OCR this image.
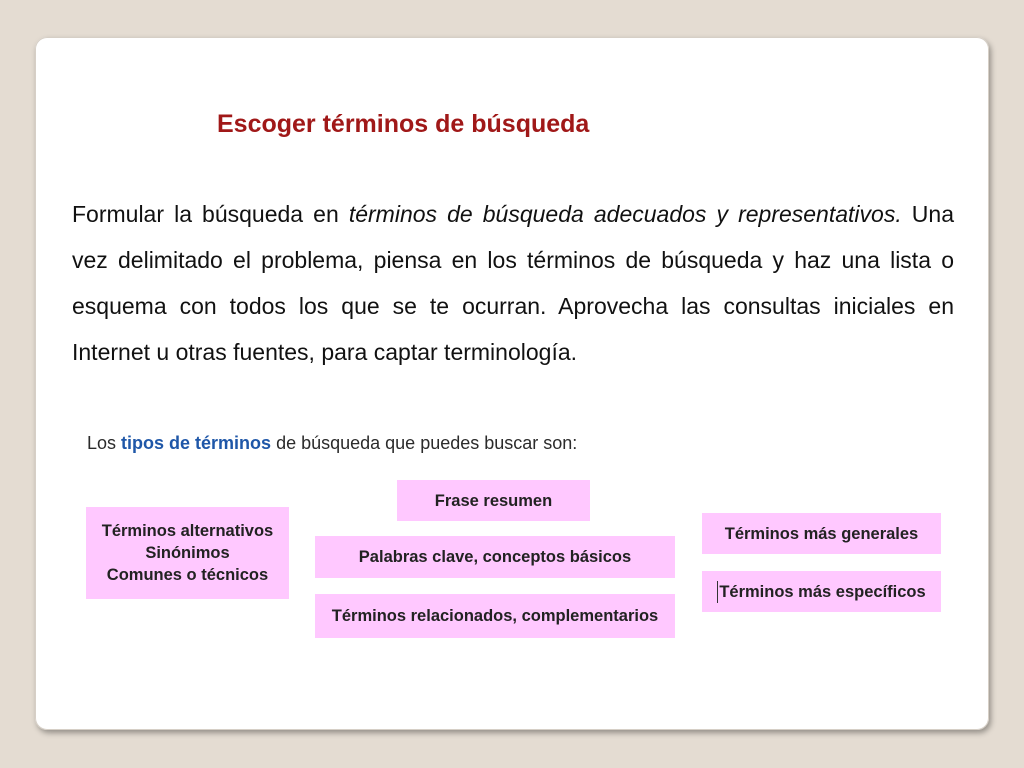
Escoger términos de búsqueda
Formular la búsqueda en términos de búsqueda adecuados y representativos. Una vez delimitado el problema, piensa en los términos de búsqueda y haz una lista o esquema con todos los que se te ocurran. Aprovecha las consultas iniciales en Internet u otras fuentes, para captar terminología.
Los tipos de términos de búsqueda que puedes buscar son:
Términos alternativos
Sinónimos
Comunes o técnicos
Frase resumen
Palabras clave, conceptos básicos
Términos relacionados, complementarios
Términos más generales
Términos más específicos
